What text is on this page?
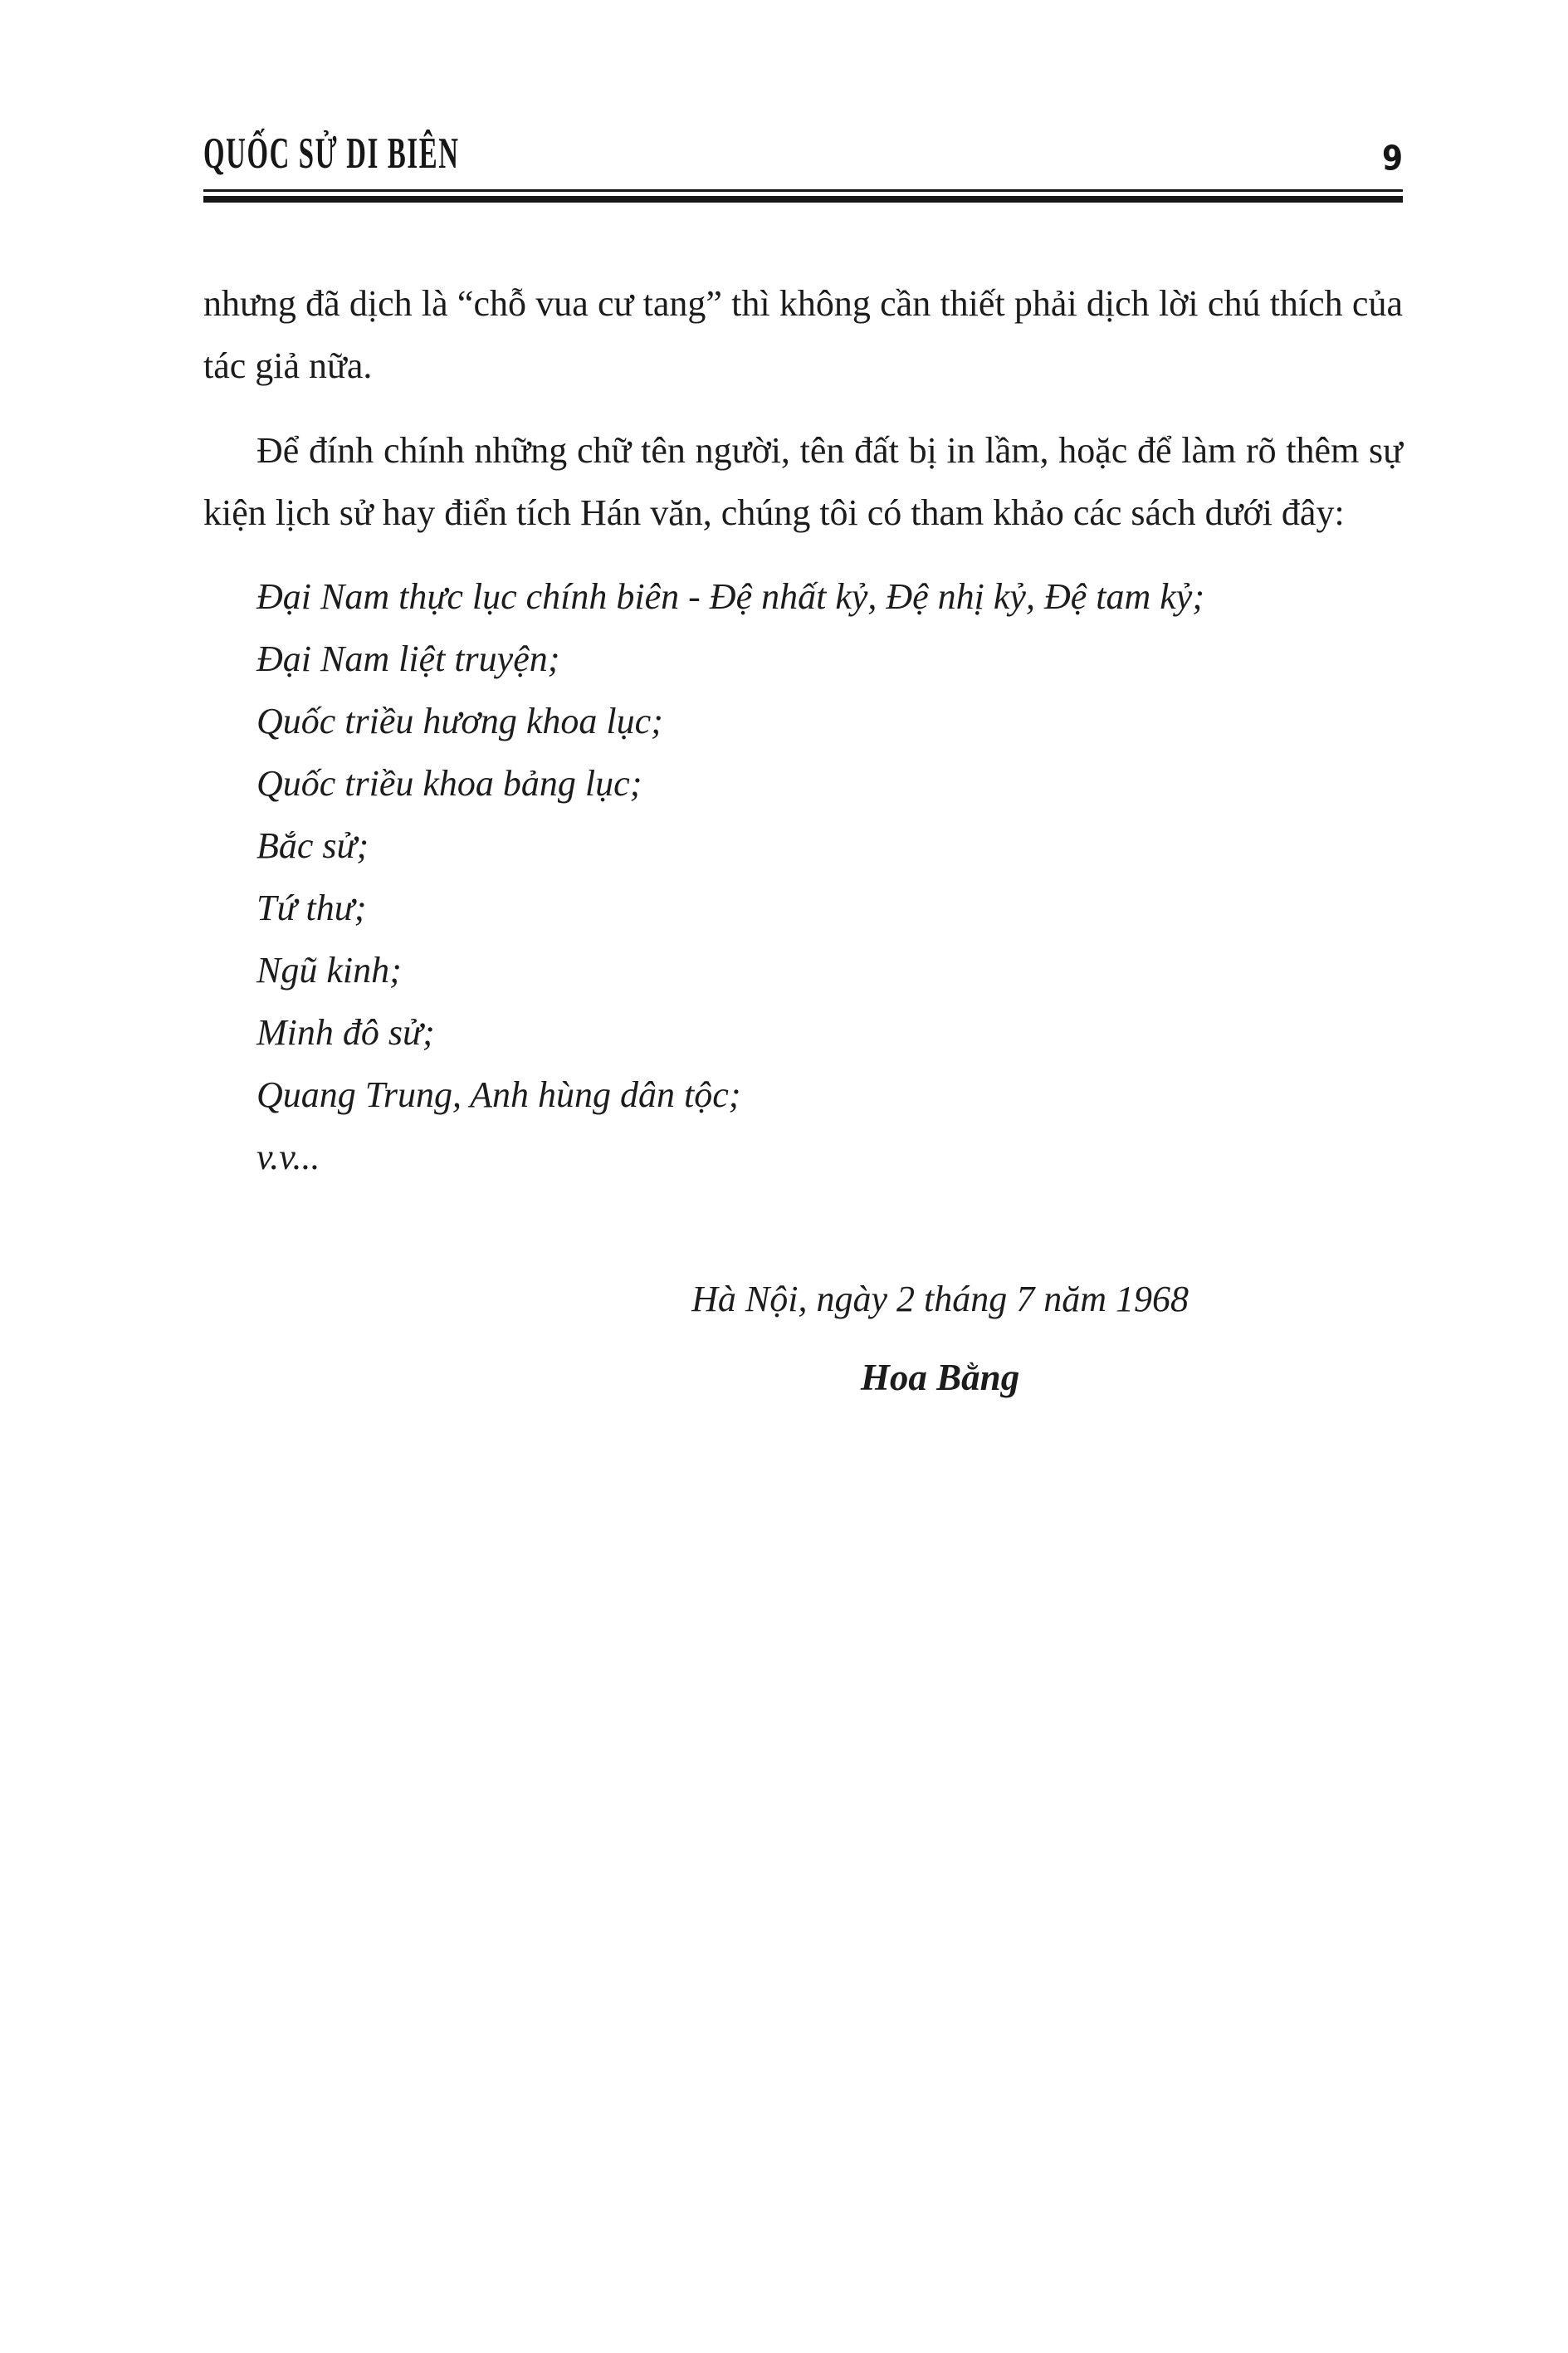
QUỐC SỬ DI BIÊN	9

nhưng đã dịch là “chỗ vua cư tang” thì không cần thiết phải dịch lời chú thích của tác giả nữa.

Để đính chính những chữ tên người, tên đất bị in lầm, hoặc để làm rõ thêm sự kiện lịch sử hay điển tích Hán văn, chúng tôi có tham khảo các sách dưới đây:

Đại Nam thực lục chính biên - Đệ nhất kỷ, Đệ nhị kỷ, Đệ tam kỷ;

Đại Nam liệt truyện;

Quốc triều hương khoa lục;

Quốc triều khoa bảng lục;

Bắc sử;

Tứ thư;

Ngũ kinh;

Minh đô sử;

Quang Trung, Anh hùng dân tộc;

v.v...

Hà Nội, ngày 2 tháng 7 năm 1968
Hoa Bằng
